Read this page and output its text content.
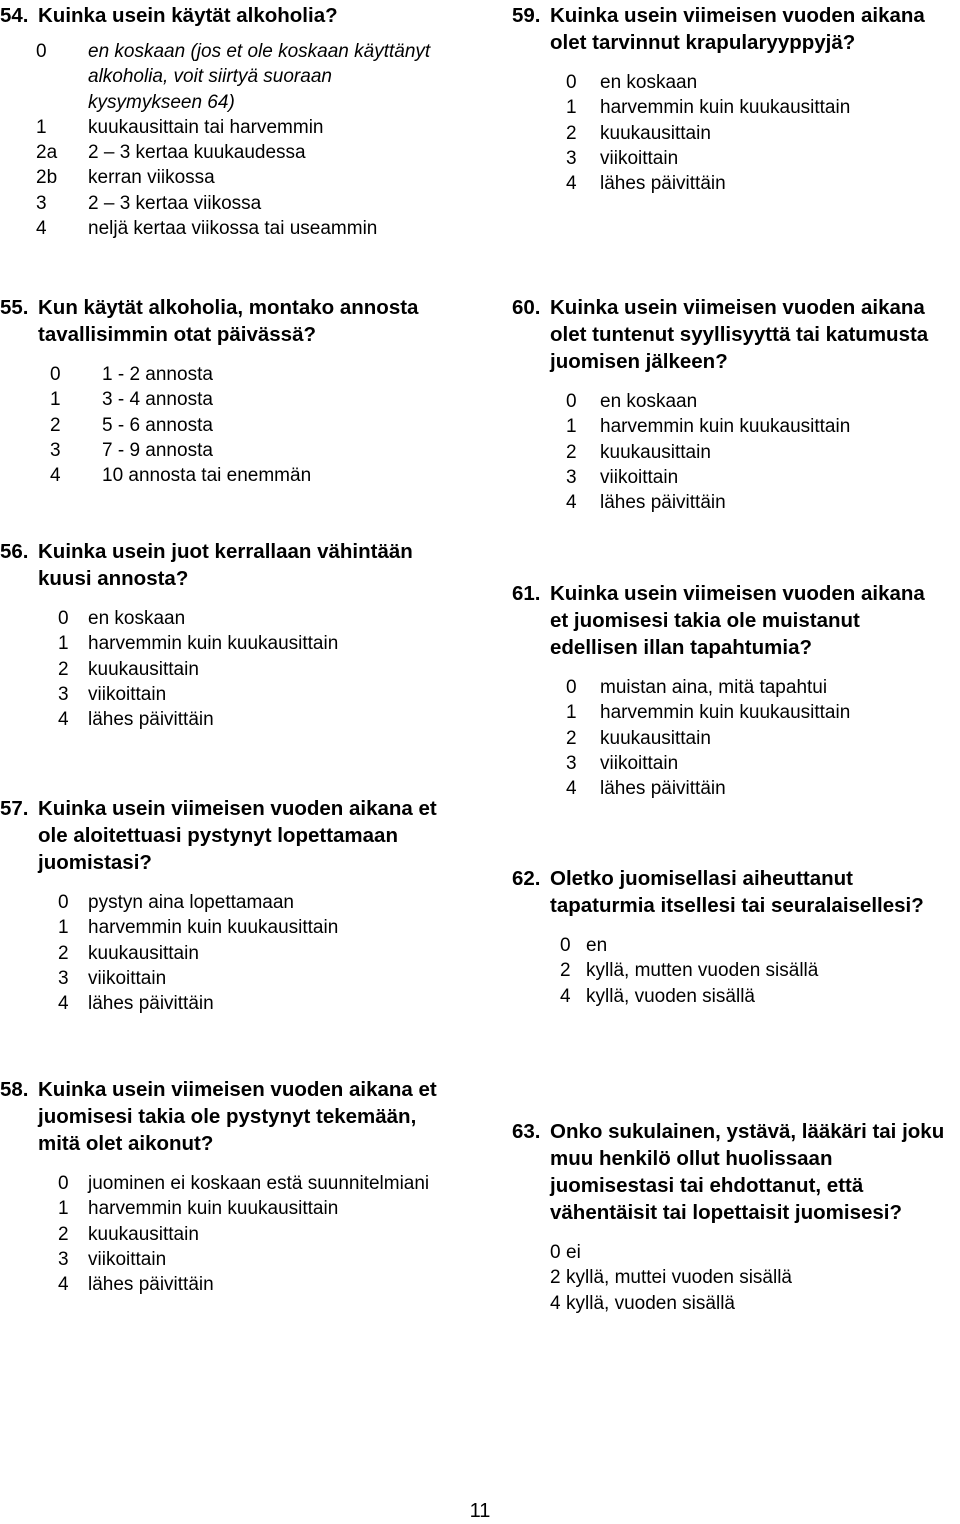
54. Kuinka usein käytät alkoholia?
0	en koskaan (jos et ole koskaan käyttänyt alkoholia, voit siirtyä suoraan kysymykseen 64)
1	kuukausittain tai harvemmin
2a	2 – 3 kertaa kuukaudessa
2b	kerran viikossa
3	2 – 3 kertaa viikossa
4	neljä kertaa viikossa tai useammin
55. Kun käytät alkoholia, montako annosta tavallisimmin otat päivässä?
0	1 - 2 annosta
1	3 - 4 annosta
2	5 - 6 annosta
3	7 - 9 annosta
4	10 annosta tai enemmän
56. Kuinka usein juot kerrallaan vähintään kuusi annosta?
0	en koskaan
1	harvemmin kuin kuukausittain
2	kuukausittain
3	viikoittain
4	lähes päivittäin
57. Kuinka usein viimeisen vuoden aikana et ole aloitettuasi pystynyt lopettamaan juomistasi?
0	pystyn aina lopettamaan
1	harvemmin kuin kuukausittain
2	kuukausittain
3	viikoittain
4	lähes päivittäin
58. Kuinka usein viimeisen vuoden aikana et juomisesi takia ole pystynyt tekemään, mitä olet aikonut?
0	juominen ei koskaan estä suunnitelmiani
1	harvemmin kuin kuukausittain
2	kuukausittain
3	viikoittain
4	lähes päivittäin
59. Kuinka usein viimeisen vuoden aikana olet tarvinnut krapularyyppyjä?
0	en koskaan
1	harvemmin kuin kuukausittain
2	kuukausittain
3	viikoittain
4	lähes päivittäin
60. Kuinka usein viimeisen vuoden aikana olet tuntenut syyllisyyttä tai katumusta juomisen jälkeen?
0	en koskaan
1	harvemmin kuin kuukausittain
2	kuukausittain
3	viikoittain
4	lähes päivittäin
61. Kuinka usein viimeisen vuoden aikana et juomisesi takia ole muistanut edellisen illan tapahtumia?
0	muistan aina, mitä tapahtui
1	harvemmin kuin kuukausittain
2	kuukausittain
3	viikoittain
4	lähes päivittäin
62. Oletko juomisellasi aiheuttanut tapaturmia itsellesi tai seuralaisellesi?
0 en
2 kyllä, mutten vuoden sisällä
4 kyllä, vuoden sisällä
63. Onko sukulainen, ystävä, lääkäri tai joku muu henkilö ollut huolissaan juomisestasi tai ehdottanut, että vähentäisit tai lopettaisit juomisesi?
0 ei
2 kyllä, muttei vuoden sisällä
4 kyllä, vuoden sisällä
11
